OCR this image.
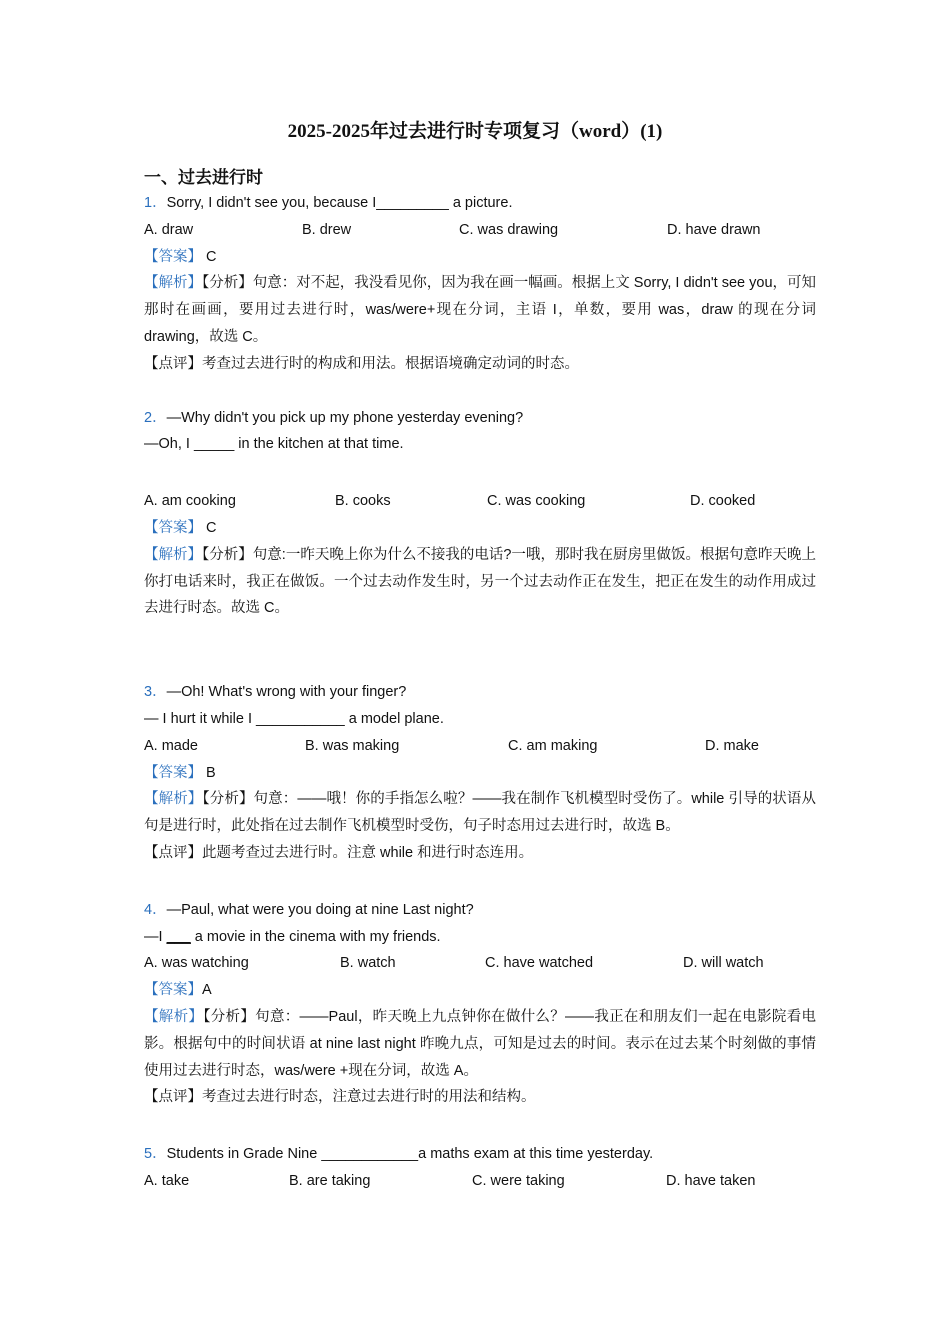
2025-2025年过去进行时专项复习（word）(1)

一、过去进行时

1．Sorry, I didn't see you, because I_________ a picture.

A. draw	B. drew	C. was drawing	D. have drawn

【答案】 C

【解析】【分析】句意：对不起，我没看见你，因为我在画一幅画。根据上文 Sorry, I didn't see you，可知那时在画画，要用过去进行时，was/were+现在分词，主语 I，单数，要用 was，draw 的现在分词 drawing，故选 C。

【点评】考查过去进行时的构成和用法。根据语境确定动词的时态。

2．—Why didn't you pick up my phone yesterday evening?

—Oh, I _____ in the kitchen at that time.

A. am cooking	B. cooks	C. was cooking	D. cooked

【答案】 C

【解析】【分析】句意:一昨天晚上你为什么不接我的电话?一哦，那时我在厨房里做饭。根据句意昨天晚上你打电话来时，我正在做饭。一个过去动作发生时，另一个过去动作正在发生，把正在发生的动作用成过去进行时态。故选 C。

3．—Oh! What's wrong with your finger?

— I hurt it while I ___________ a model plane.

A. made	B. was making	C. am making	D. make

【答案】 B

【解析】【分析】句意：——哦！你的手指怎么啦？——我在制作飞机模型时受伤了。while 引导的状语从句是进行时，此处指在过去制作飞机模型时受伤，句子时态用过去进行时，故选 B。

【点评】此题考查过去进行时。注意 while 和进行时态连用。

4．—Paul, what were you doing at nine Last night?

—I ___ a movie in the cinema with my friends.

A. was watching	B. watch	C. have watched	D. will watch

【答案】A

【解析】【分析】句意：——Paul，昨天晚上九点钟你在做什么？——我正在和朋友们一起在电影院看电影。根据句中的时间状语 at nine last night 昨晚九点，可知是过去的时间。表示在过去某个时刻做的事情使用过去进行时态，was/were +现在分词，故选 A。

【点评】考查过去进行时态，注意过去进行时的用法和结构。

5．Students in Grade Nine ____________a maths exam at this time yesterday.

A. take	B. are taking	C. were taking	D. have taken
